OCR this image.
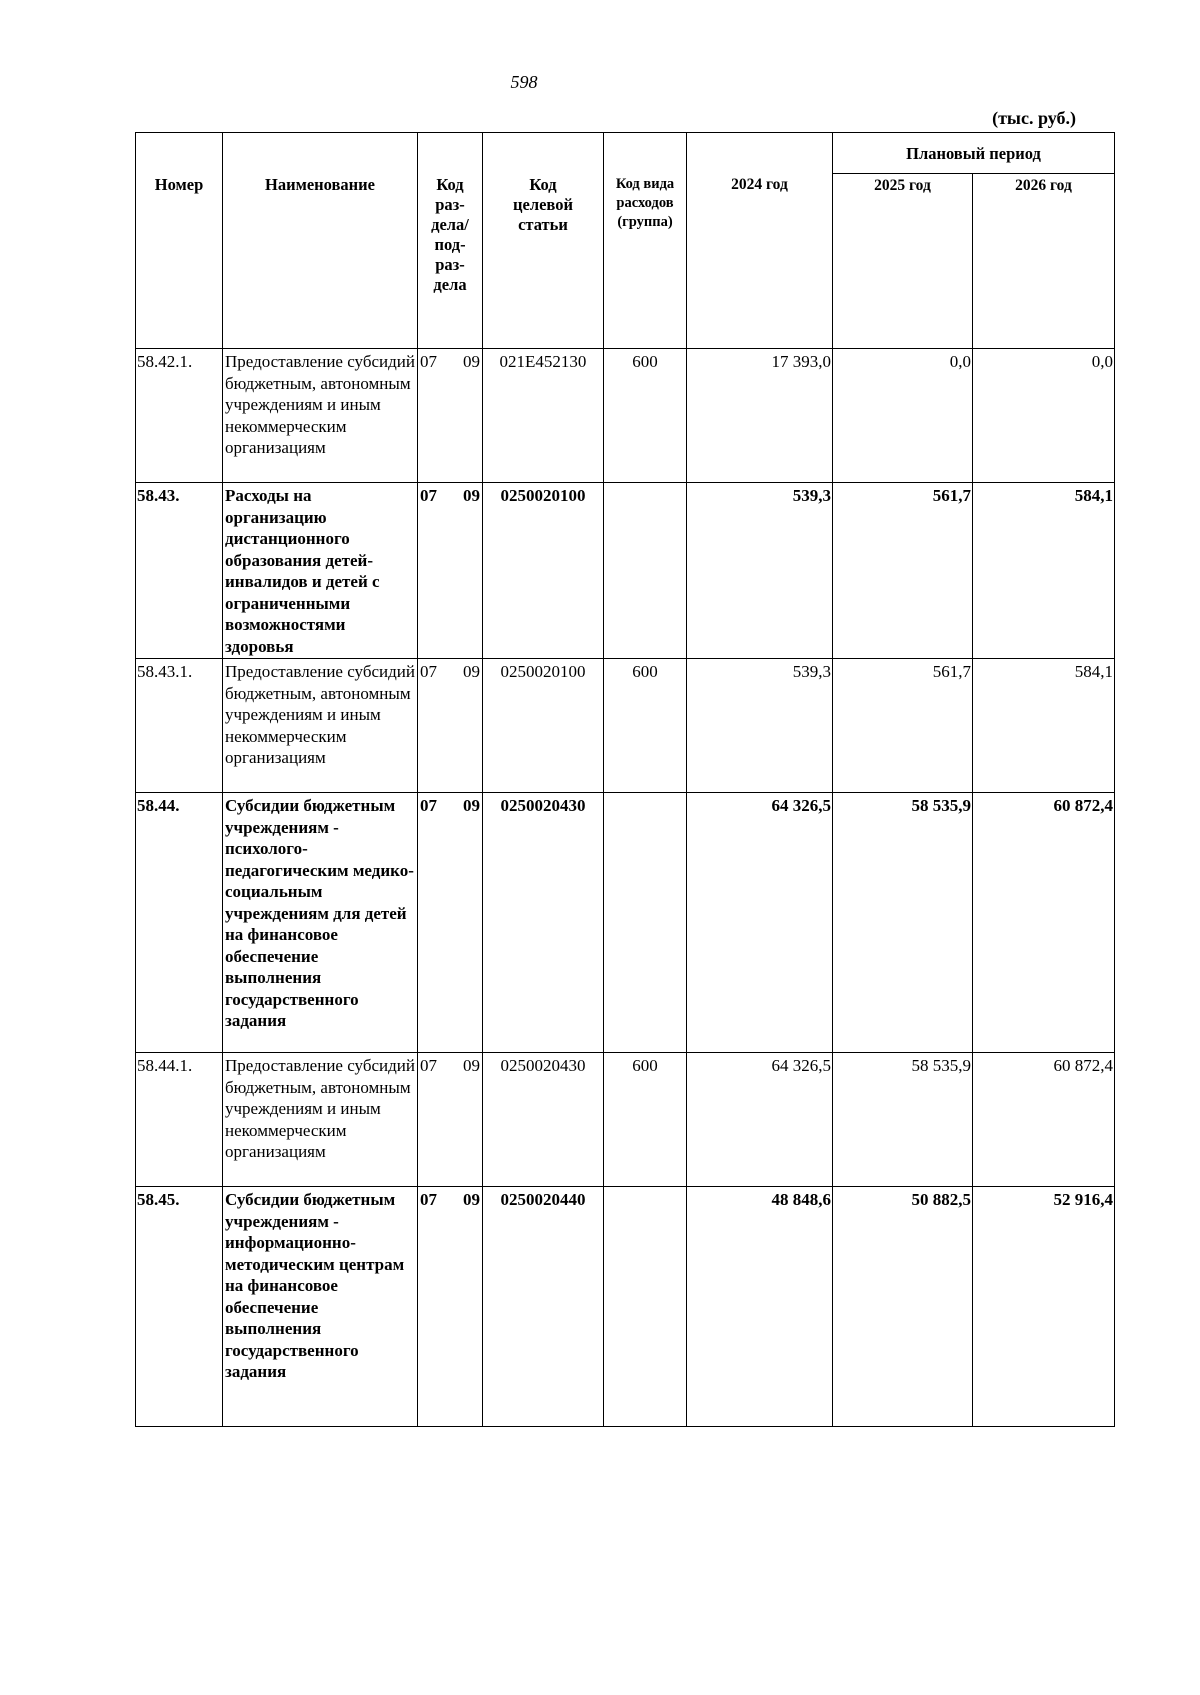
598
(тыс. руб.)
Номер	Наименование	Код раз- дела/ под- раз- дела	Код целевой статьи	Код вида расходов (группа)	2024 год	Плановый период	
						2025 год	2026 год
58.42.1.	Предоставление субсидий бюджетным, автономным учреждениям и иным некоммерческим организациям	07 09	021Е452130	600	17 393,0	0,0	0,0
58.43.	Расходы на организацию дистанционного образования детей-инвалидов и детей с ограниченными возможностями здоровья	07 09	0250020100		539,3	561,7	584,1
58.43.1.	Предоставление субсидий бюджетным, автономным учреждениям и иным некоммерческим организациям	07 09	0250020100	600	539,3	561,7	584,1
58.44.	Субсидии бюджетным учреждениям - психолого-педагогическим медико-социальным учреждениям для детей на финансовое обеспечение выполнения государственного задания	07 09	0250020430		64 326,5	58 535,9	60 872,4
58.44.1.	Предоставление субсидий бюджетным, автономным учреждениям и иным некоммерческим организациям	07 09	0250020430	600	64 326,5	58 535,9	60 872,4
58.45.	Субсидии бюджетным учреждениям - информационно-методическим центрам на финансовое обеспечение выполнения государственного задания	07 09	0250020440		48 848,6	50 882,5	52 916,4
